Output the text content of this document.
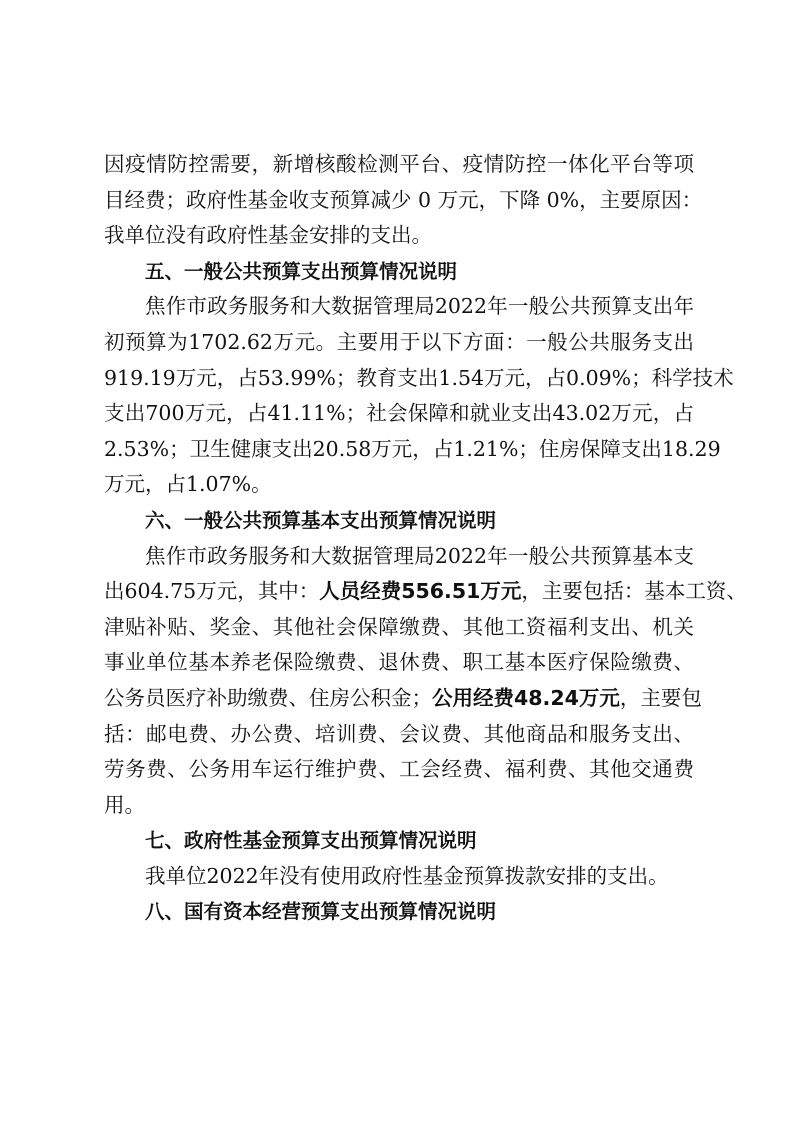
因疫情防控需要，新增核酸检测平台、疫情防控一体化平台等项
目经费；政府性基金收支预算减少 0 万元，下降 0%，主要原因：
我单位没有政府性基金安排的支出。
五、一般公共预算支出预算情况说明
焦作市政务服务和大数据管理局2022年一般公共预算支出年
初预算为1702.62万元。主要用于以下方面：一般公共服务支出
919.19万元，占53.99%；教育支出1.54万元，占0.09%；科学技术
支出700万元，占41.11%；社会保障和就业支出43.02万元，占
2.53%；卫生健康支出20.58万元，占1.21%；住房保障支出18.29
万元，占1.07%。
六、一般公共预算基本支出预算情况说明
焦作市政务服务和大数据管理局2022年一般公共预算基本支
出604.75万元，其中：人员经费556.51万元，主要包括：基本工资、
津贴补贴、奖金、其他社会保障缴费、其他工资福利支出、机关
事业单位基本养老保险缴费、退休费、职工基本医疗保险缴费、
公务员医疗补助缴费、住房公积金；公用经费48.24万元，主要包
括：邮电费、办公费、培训费、会议费、其他商品和服务支出、
劳务费、公务用车运行维护费、工会经费、福利费、其他交通费
用。
七、政府性基金预算支出预算情况说明
我单位2022年没有使用政府性基金预算拨款安排的支出。
八、国有资本经营预算支出预算情况说明
